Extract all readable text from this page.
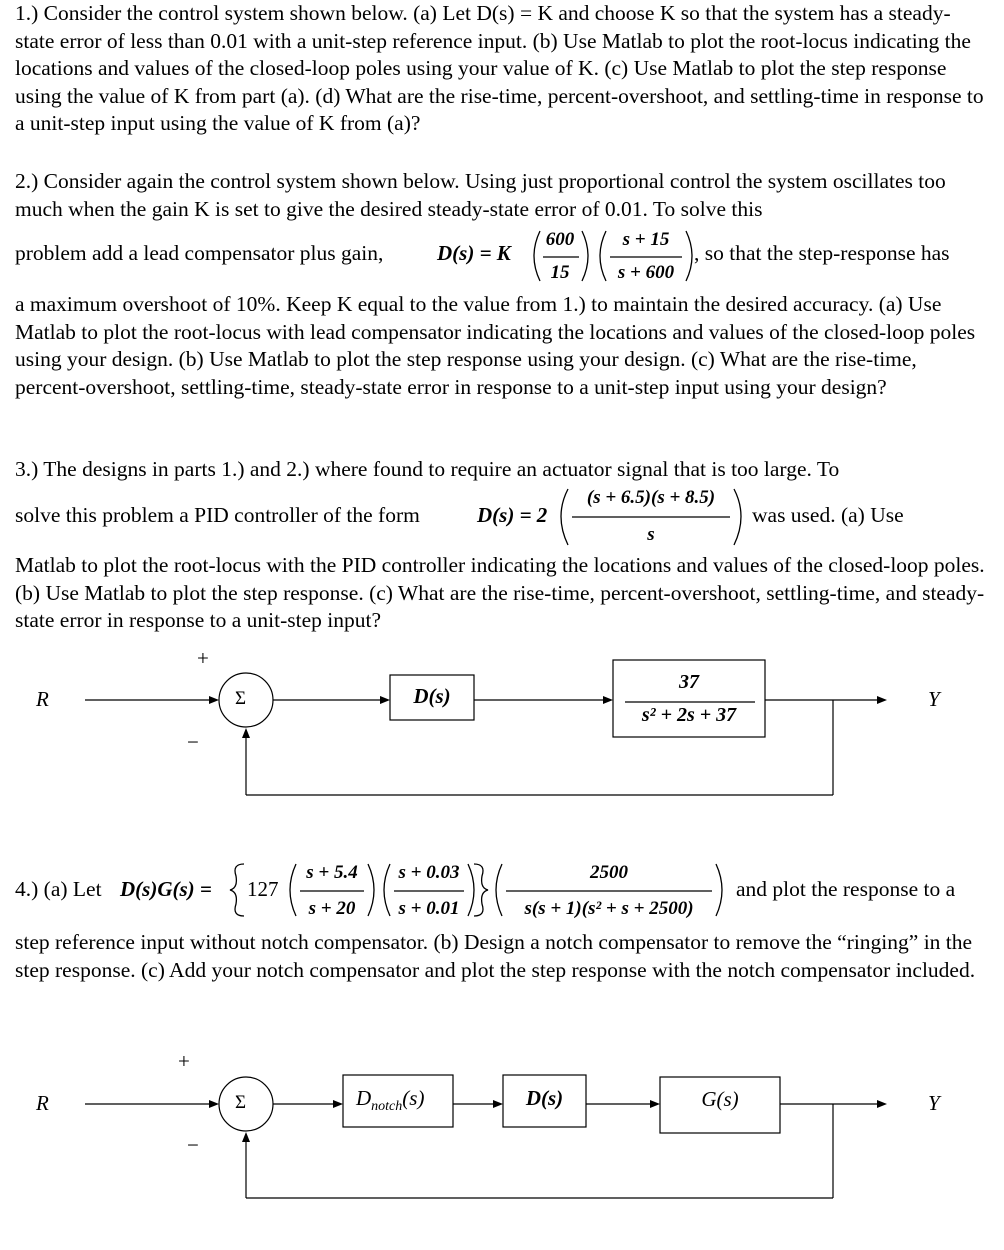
1.) Consider the control system shown below. (a) Let D(s) = K and choose K so that the system has a steady-state error of less than 0.01 with a unit-step reference input. (b) Use Matlab to plot the root-locus indicating the locations and values of the closed-loop poles using your value of K. (c) Use Matlab to plot the step response using the value of K from part (a). (d) What are the rise-time, percent-overshoot, and settling-time in response to a unit-step input using the value of K from (a)?
2.) Consider again the control system shown below. Using just proportional control the system oscillates too much when the gain K is set to give the desired steady-state error of 0.01. To solve this
problem add a lead compensator plus gain,	D(s) = K
600
15
s + 15
s + 600
, so that the step-response has
a maximum overshoot of 10%. Keep K equal to the value from 1.) to maintain the desired accuracy. (a) Use Matlab to plot the root-locus with lead compensator indicating the locations and values of the closed-loop poles using your design. (b) Use Matlab to plot the step response using your design. (c) What are the rise-time, percent-overshoot, settling-time, steady-state error in response to a unit-step input using your design?
3.) The designs in parts 1.) and 2.) where found to require an actuator signal that is too large. To
solve this problem a PID controller of the form	D(s) = 2
(s + 6.5)(s + 8.5)
s
was used. (a) Use
Matlab to plot the root-locus with the PID controller indicating the locations and values of the closed-loop poles. (b) Use Matlab to plot the step response. (c) What are the rise-time, percent-overshoot, settling-time, and steady-state error in response to a unit-step input?
4.) (a) Let D(s)G(s) = 127
s + 5.4
s + 20
s + 0.03
s + 0.01
2500
s(s + 1)(s² + s + 2500)
and plot the response to a
step reference input without notch compensator. (b) Design a notch compensator to remove the “ringing” in the step response. (c) Add your notch compensator and plot the step response with the notch compensator included.
R	Y
+
−
Σ	D(s)
37
s² + 2s + 37
R	Y
+
−
Σ	$D_{notch}(s)$	D(s)	G(s)
